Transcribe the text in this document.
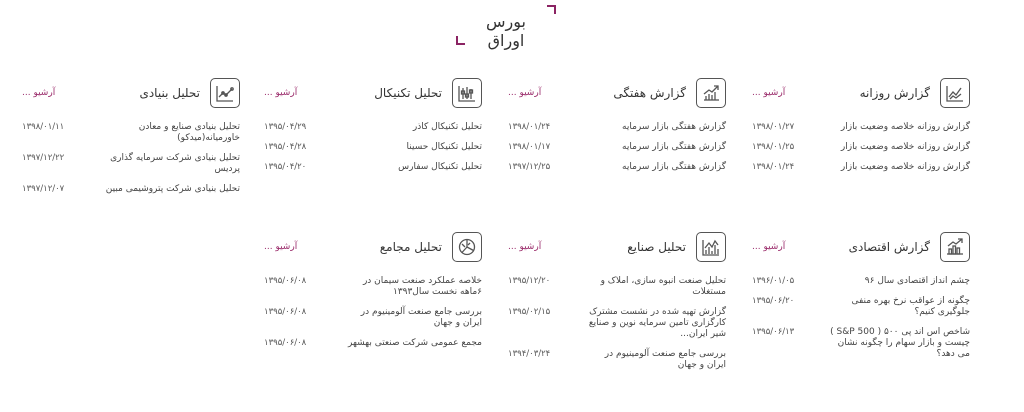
بورس اوراق
گزارش روزانه
آرشیو ...
گزارش روزانه خلاصه وضعیت بازار
۱۳۹۸/۰۱/۲۷
گزارش روزانه خلاصه وضعیت بازار
۱۳۹۸/۰۱/۲۵
گزارش روزانه خلاصه وضعیت بازار
۱۳۹۸/۰۱/۲۴
گزارش هفتگی
آرشیو ...
گزارش هفتگی بازار سرمایه
۱۳۹۸/۰۱/۲۴
گزارش هفتگی بازار سرمایه
۱۳۹۸/۰۱/۱۷
گزارش هفتگی بازار سرمایه
۱۳۹۷/۱۲/۲۵
تحلیل تکنیکال
آرشیو ...
تحلیل تکنیکال کاذر
۱۳۹۵/۰۴/۲۹
تحلیل تکنیکال حسینا
۱۳۹۵/۰۴/۲۸
تحلیل تکنیکال سفارس
۱۳۹۵/۰۴/۲۰
تحلیل بنیادی
آرشیو ...
تحلیل بنیادی صنایع و معادن خاورمیانه(میدکو)
۱۳۹۸/۰۱/۱۱
تحلیل بنیادی شرکت سرمایه گذاری پردیس
۱۳۹۷/۱۲/۲۲
تحلیل بنیادی شرکت پتروشیمی مبین
۱۳۹۷/۱۲/۰۷
گزارش اقتصادی
آرشیو ...
چشم انداز اقتصادی سال ۹۶
۱۳۹۶/۰۱/۰۵
چگونه از عواقب نرخ بهره منفی جلوگیری کنیم؟
۱۳۹۵/۰۶/۲۰
شاخص اس اند پی ۵۰۰ ( S&P 500 ) چیست و بازار سهام را چگونه نشان می دهد؟
۱۳۹۵/۰۶/۱۳
تحلیل صنایع
آرشیو ...
تحلیل صنعت انبوه سازی، املاک و مستغلات
۱۳۹۵/۱۲/۲۰
گزارش تهیه شده در نشست مشترک کارگزاری تامین سرمایه نوین و صنایع شیر ایران...
۱۳۹۵/۰۲/۱۵
بررسی جامع صنعت آلومینیوم در ایران و جهان
۱۳۹۴/۰۳/۲۴
تحلیل مجامع
آرشیو ...
خلاصه عملکرد صنعت سیمان در ۶ماهه نخست سال۱۳۹۳
۱۳۹۵/۰۶/۰۸
بررسی جامع صنعت آلومینیوم در ایران و جهان
۱۳۹۵/۰۶/۰۸
مجمع عمومی شرکت صنعتی بهشهر
۱۳۹۵/۰۶/۰۸
